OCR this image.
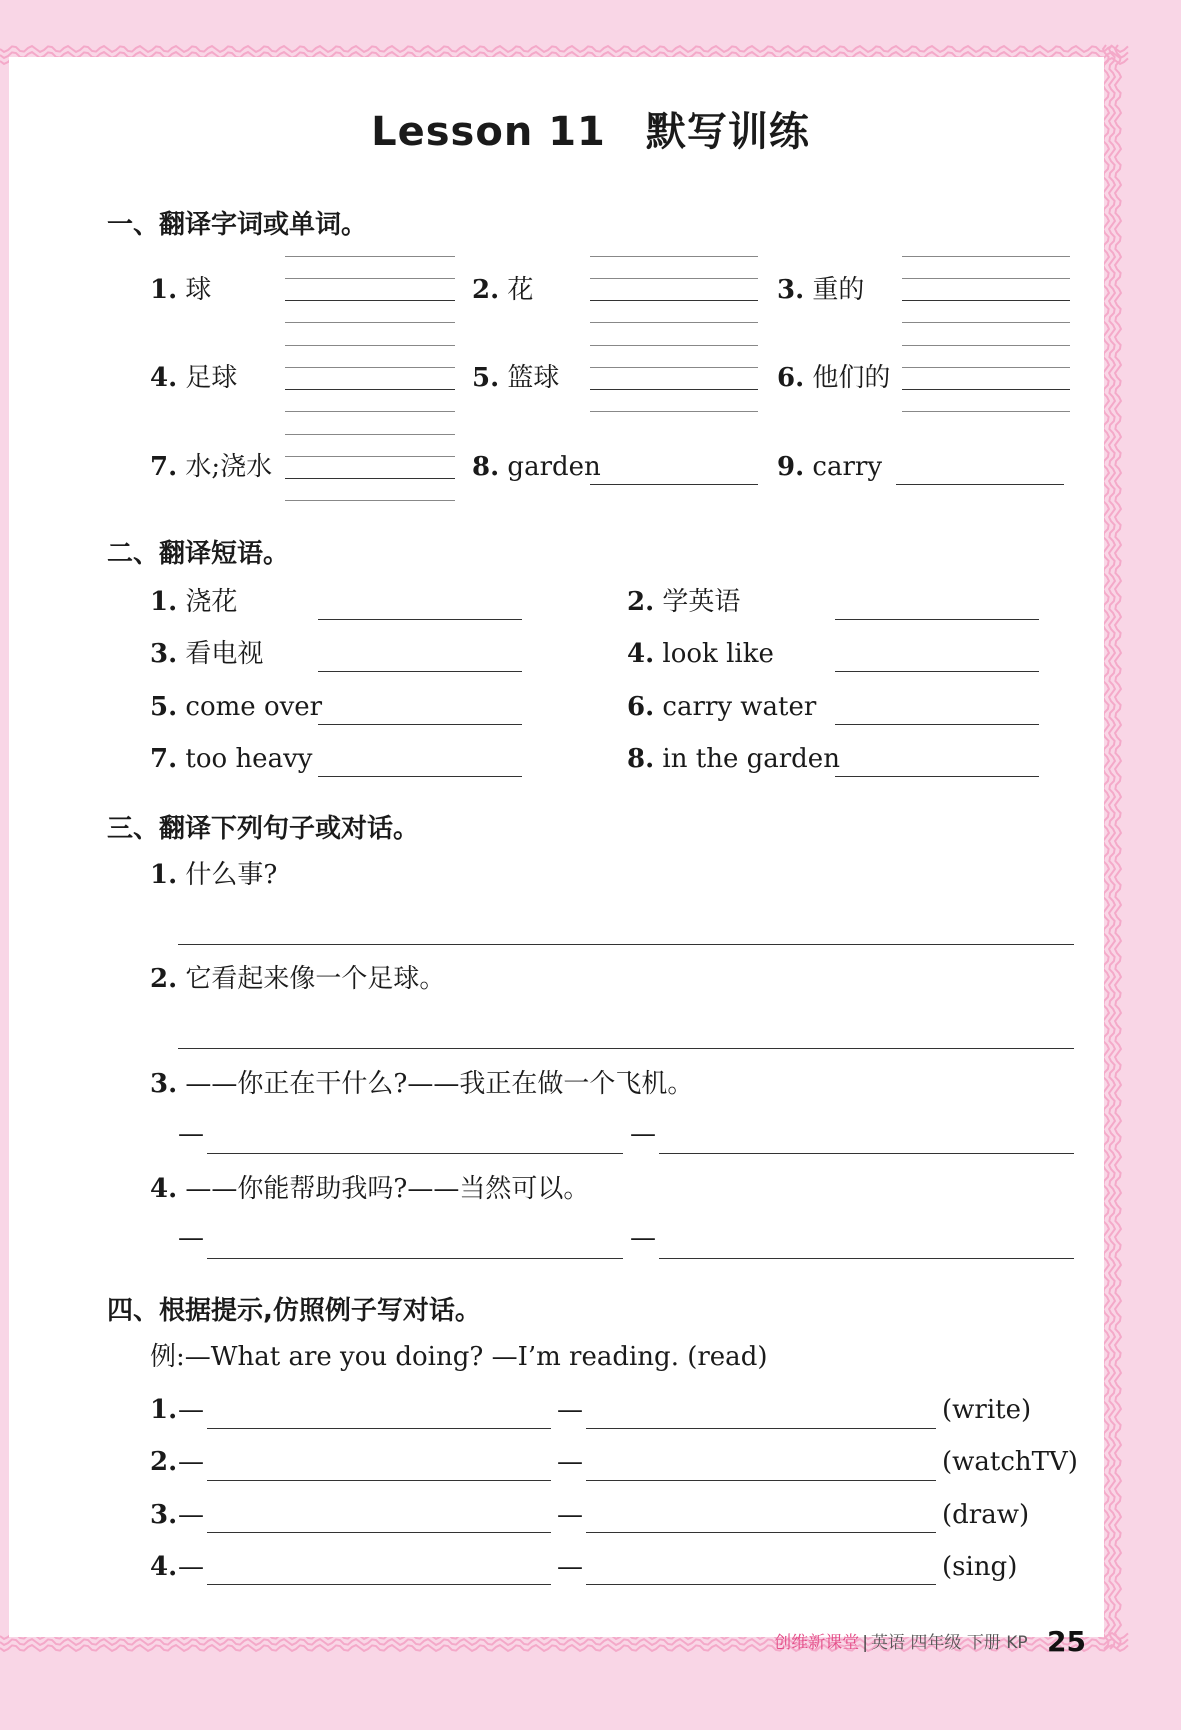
Lesson 11 默写训练
一、翻译字词或单词。
1. 球	2. 花	3. 重的
4. 足球	5. 篮球	6. 他们的
7. 水;浇水	8. garden	9. carry
二、翻译短语。
1. 浇花	2. 学英语
3. 看电视	4. look like
5. come over	6. carry water
7. too heavy	8. in the garden
三、翻译下列句子或对话。
1. 什么事?
2. 它看起来像一个足球。
3. ——你正在干什么?——我正在做一个飞机。
—	—
4. ——你能帮助我吗?——当然可以。
—	—
四、根据提示,仿照例子写对话。
例:—What are you doing? —I’m reading. (read)
1. —	—	(write)
2. —	—	(watchTV)
3. —	—	(draw)
4. —	—	(sing)
创维新课堂 | 英语 四年级 下册 KP 25
